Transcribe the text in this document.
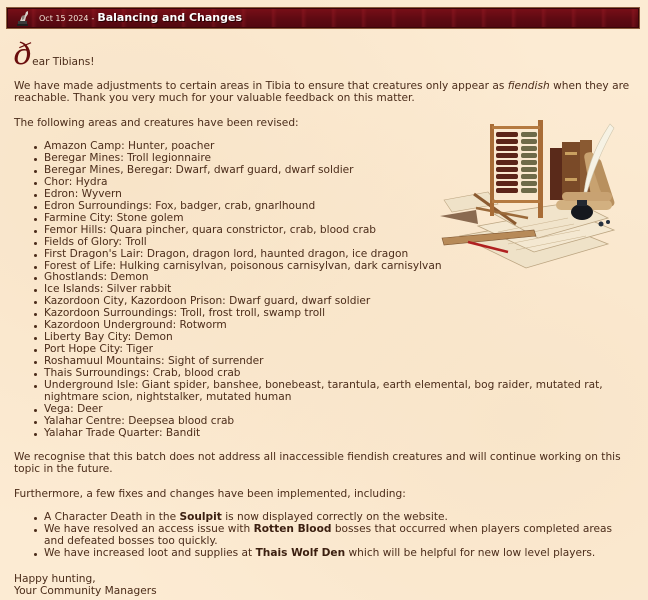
Oct 15 2024 - Balancing and Changes
ð ear Tibians!

We have made adjustments to certain areas in Tibia to ensure that creatures only appear as fiendish when they are reachable. Thank you very much for your valuable feedback on this matter.

The following areas and creatures have been revised:

Amazon Camp: Hunter, poacher
Beregar Mines: Troll legionnaire
Beregar Mines, Beregar: Dwarf, dwarf guard, dwarf soldier
Chor: Hydra
Edron: Wyvern
Edron Surroundings: Fox, badger, crab, gnarlhound
Farmine City: Stone golem
Femor Hills: Quara pincher, quara constrictor, crab, blood crab
Fields of Glory: Troll
First Dragon's Lair: Dragon, dragon lord, haunted dragon, ice dragon
Forest of Life: Hulking carnisylvan, poisonous carnisylvan, dark carnisylvan
Ghostlands: Demon
Ice Islands: Silver rabbit
Kazordoon City, Kazordoon Prison: Dwarf guard, dwarf soldier
Kazordoon Surroundings: Troll, frost troll, swamp troll
Kazordoon Underground: Rotworm
Liberty Bay City: Demon
Port Hope City: Tiger
Roshamuul Mountains: Sight of surrender
Thais Surroundings: Crab, blood crab
Underground Isle: Giant spider, banshee, bonebeast, tarantula, earth elemental, bog raider, mutated rat, nightmare scion, nightstalker, mutated human
Vega: Deer
Yalahar Centre: Deepsea blood crab
Yalahar Trade Quarter: Bandit

We recognise that this batch does not address all inaccessible fiendish creatures and will continue working on this topic in the future.

Furthermore, a few fixes and changes have been implemented, including:

A Character Death in the Soulpit is now displayed correctly on the website.
We have resolved an access issue with Rotten Blood bosses that occurred when players completed areas and defeated bosses too quickly.
We have increased loot and supplies at Thais Wolf Den which will be helpful for new low level players.

Happy hunting,
Your Community Managers
